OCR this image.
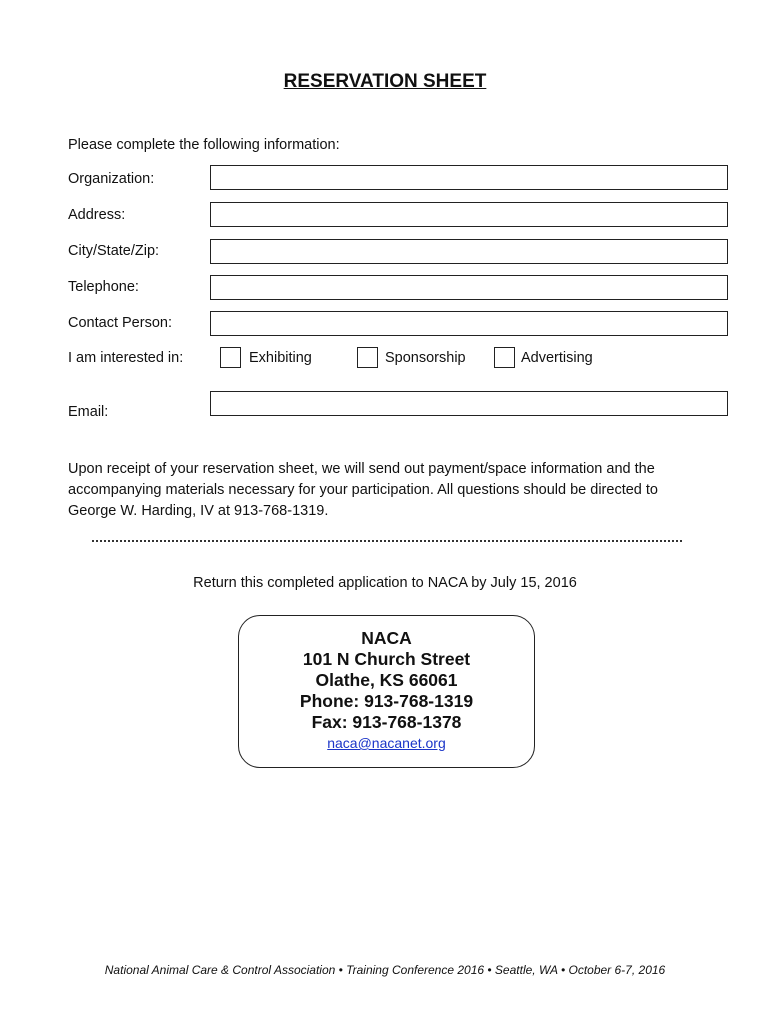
RESERVATION SHEET
Please complete the following information:
Organization:
Address:
City/State/Zip:
Telephone:
Contact Person:
I am interested in:	Exhibiting	Sponsorship	Advertising
Email:
Upon receipt of your reservation sheet, we will send out payment/space information and the accompanying materials necessary for your participation. All questions should be directed to George W. Harding, IV at 913-768-1319.
Return this completed application to NACA by July 15, 2016
NACA
101 N Church Street
Olathe, KS 66061
Phone: 913-768-1319
Fax: 913-768-1378
naca@nacanet.org
National Animal Care & Control Association • Training Conference 2016 • Seattle, WA • October 6-7, 2016
